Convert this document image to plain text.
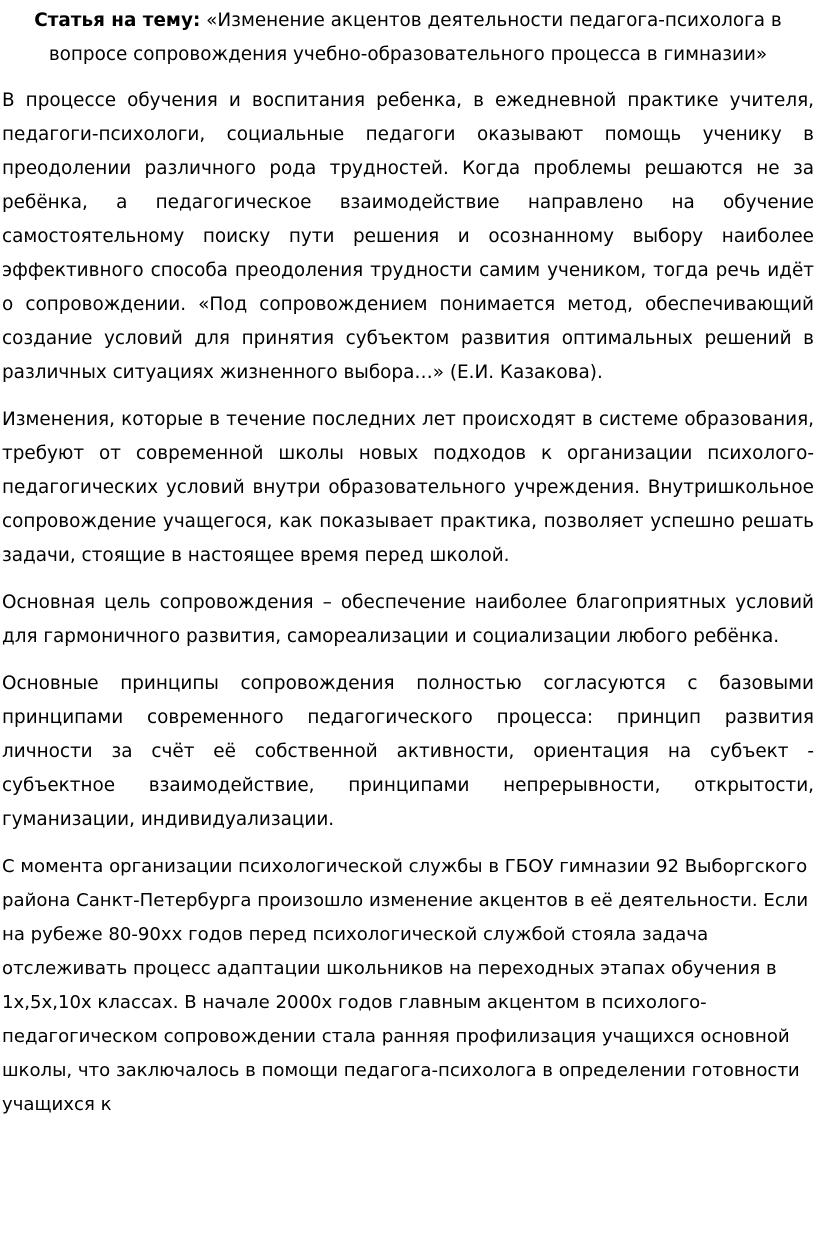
Статья на тему: «Изменение акцентов деятельности педагога-психолога в вопросе сопровождения учебно-образовательного процесса в гимназии»

В процессе обучения и воспитания ребенка, в ежедневной практике учителя, педагоги-психологи, социальные педагоги оказывают помощь ученику в преодолении различного рода трудностей. Когда проблемы решаются не за ребёнка, а педагогическое взаимодействие направлено на обучение самостоятельному поиску пути решения и осознанному выбору наиболее эффективного способа преодоления трудности самим учеником, тогда речь идёт о сопровождении. «Под сопровождением понимается метод, обеспечивающий создание условий для принятия субъектом развития оптимальных решений в различных ситуациях жизненного выбора…» (Е.И. Казакова).

Изменения, которые в течение последних лет происходят в системе образования, требуют от современной школы новых подходов к организации психолого-педагогических условий внутри образовательного учреждения. Внутришкольное сопровождение учащегося, как показывает практика, позволяет успешно решать задачи, стоящие в настоящее время перед школой.

Основная цель сопровождения – обеспечение наиболее благоприятных условий для гармоничного развития, самореализации и социализации любого ребёнка.

Основные принципы сопровождения полностью согласуются с базовыми принципами современного педагогического процесса: принцип развития личности за счёт её собственной активности, ориентация на субъект - субъектное взаимодействие, принципами непрерывности, открытости, гуманизации, индивидуализации.

С момента организации психологической службы в ГБОУ гимназии 92 Выборгского района Санкт-Петербурга произошло изменение акцентов в её деятельности. Если на рубеже 80-90хх годов перед психологической службой стояла задача отслеживать процесс адаптации школьников на переходных этапах обучения в 1х,5х,10х классах. В начале 2000х годов главным акцентом в психолого-педагогическом сопровождении стала ранняя профилизация учащихся основной школы, что заключалось в помощи педагога-психолога в определении готовности учащихся к
